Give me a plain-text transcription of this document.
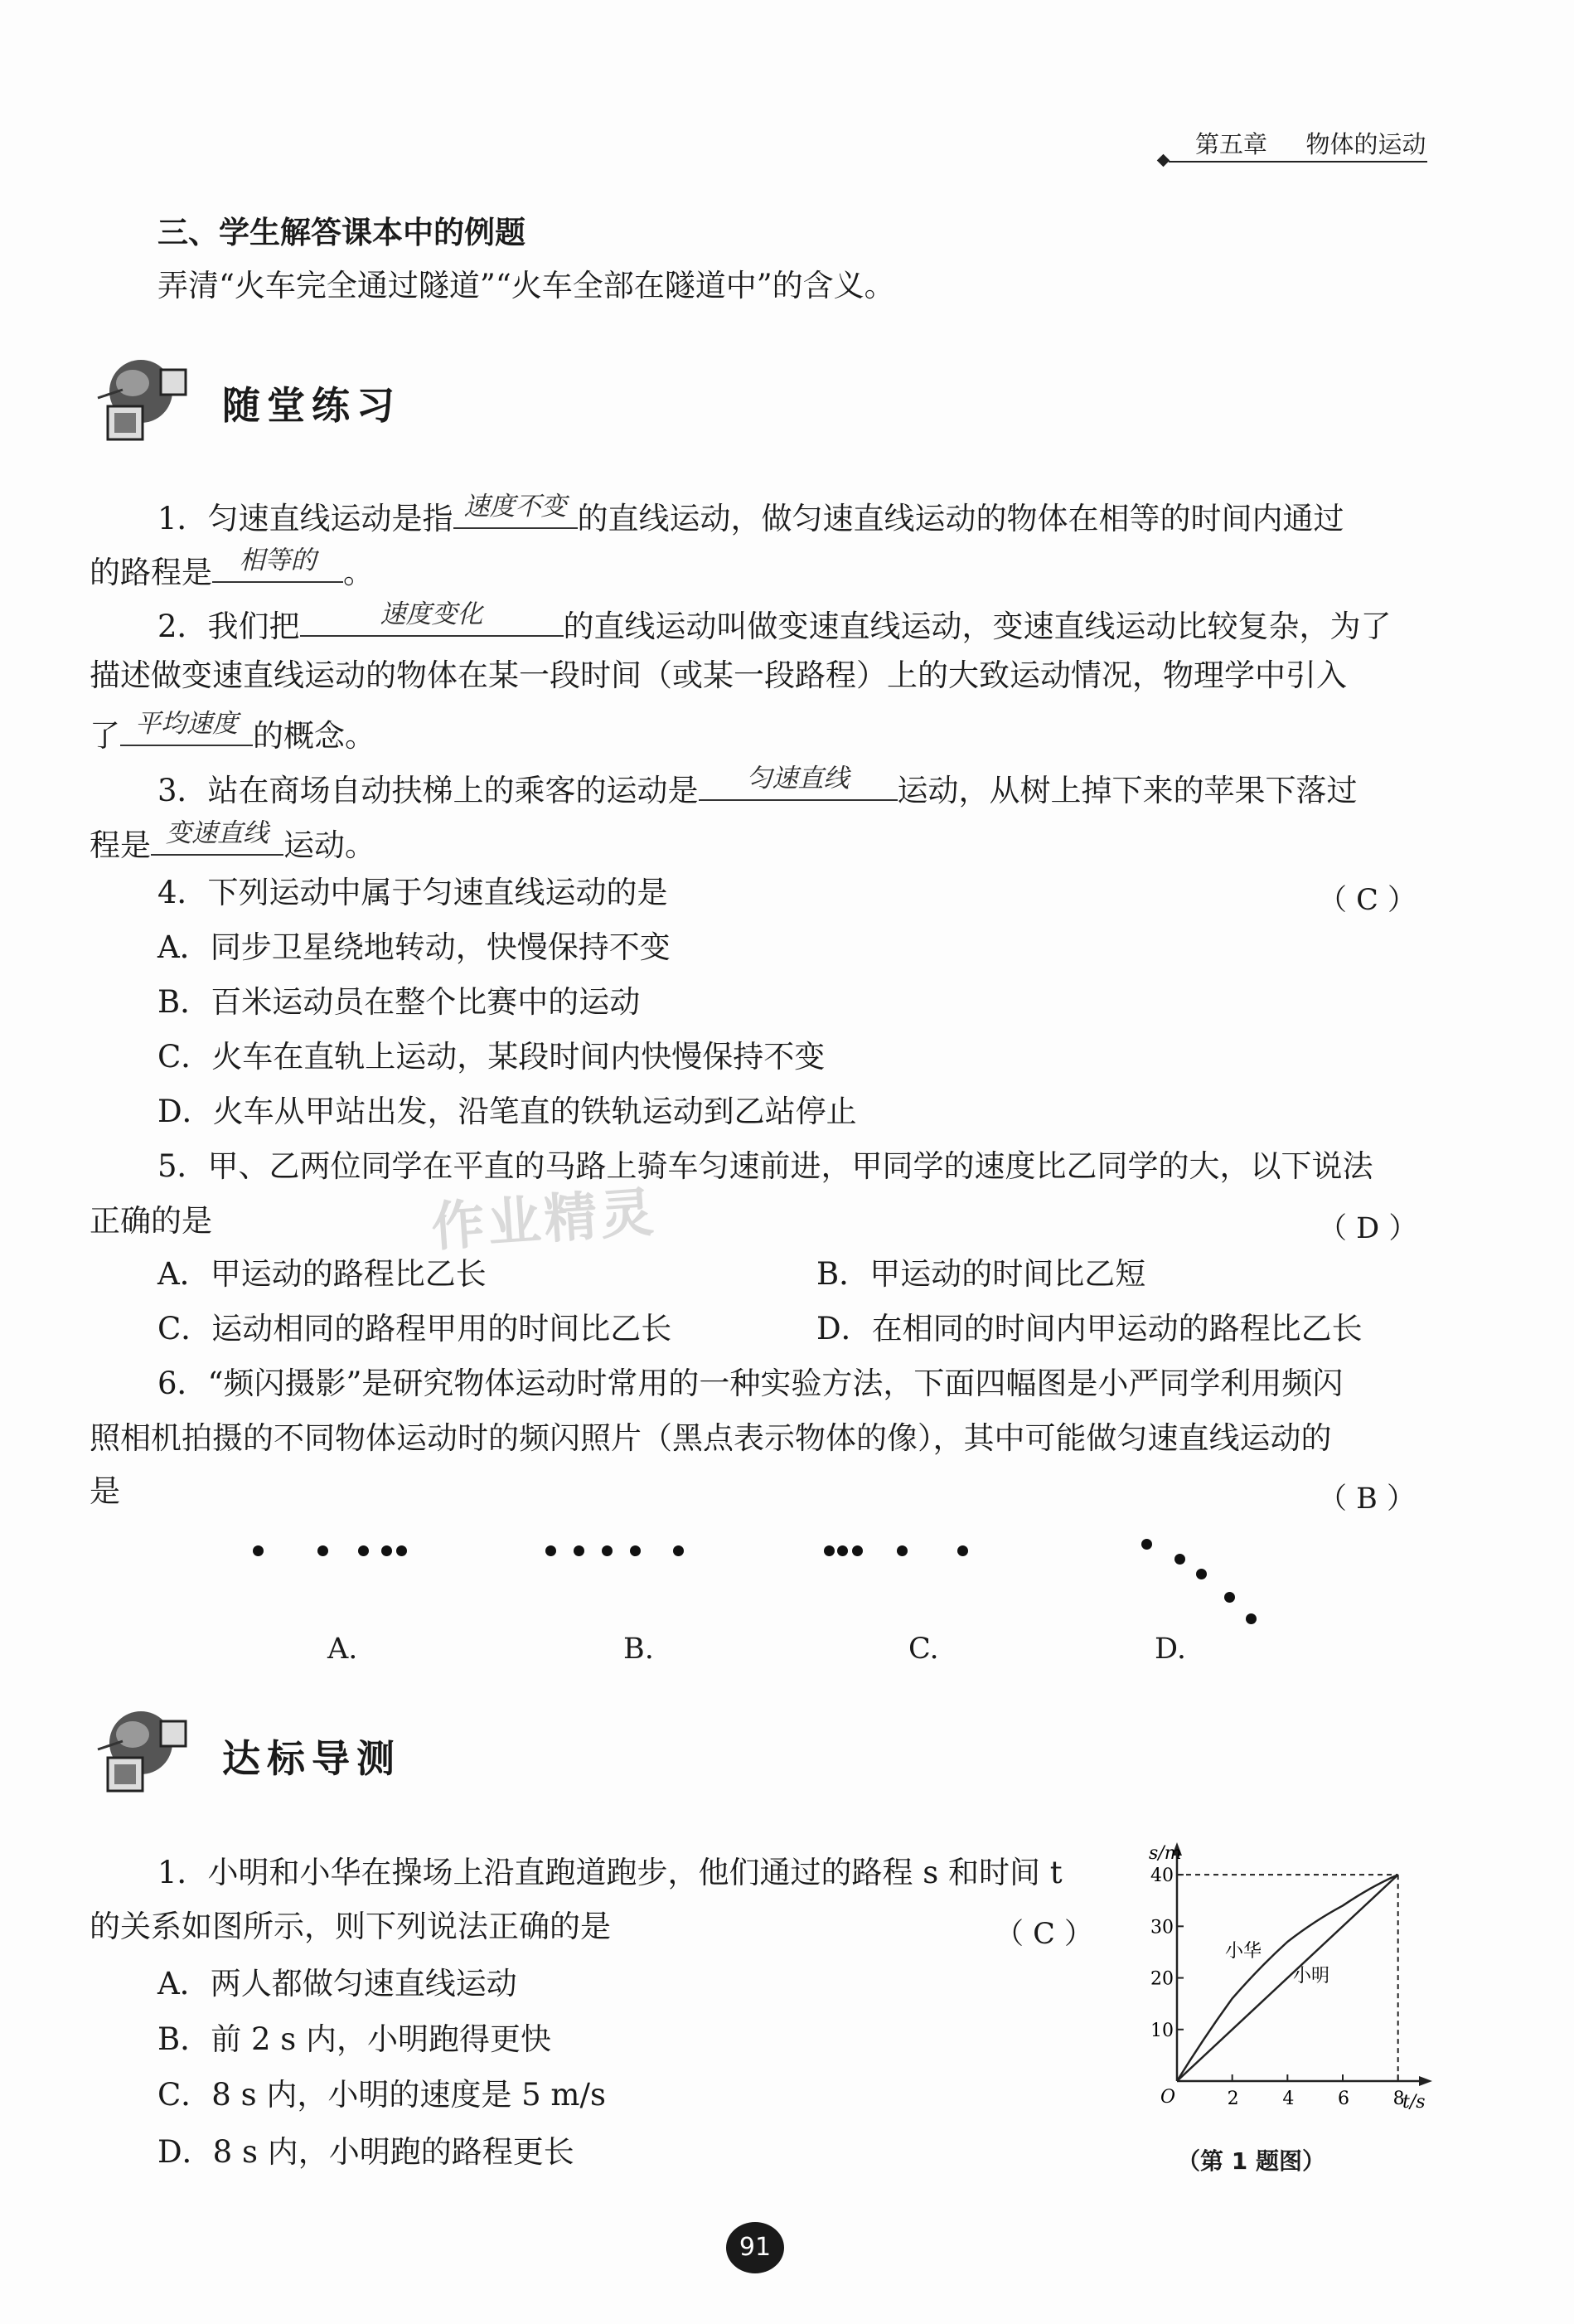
第五章 物体的运动
三、学生解答课本中的例题
弄清“火车完全通过隧道”“火车全部在隧道中”的含义。
随堂练习
1．匀速直线运动是指 速度不变 的直线运动，做匀速直线运动的物体在相等的时间内通过
的路程是	相等的 。
2．我们把	速度变化	的直线运动叫做变速直线运动，变速直线运动比较复杂，为了
描述做变速直线运动的物体在某一段时间（或某一段路程）上的大致运动情况，物理学中引入
了 平均速度 的概念。
3．站在商场自动扶梯上的乘客的运动是	匀速直线	运动，从树上掉下来的苹果下落过
程是 变速直线 运动。
4．下列运动中属于匀速直线运动的是	（ C ）
A．同步卫星绕地转动，快慢保持不变
B．百米运动员在整个比赛中的运动
C．火车在直轨上运动，某段时间内快慢保持不变
D．火车从甲站出发，沿笔直的铁轨运动到乙站停止
5．甲、乙两位同学在平直的马路上骑车匀速前进，甲同学的速度比乙同学的大，以下说法
正确的是	（ D ）
作业精灵
A．甲运动的路程比乙长	B．甲运动的时间比乙短
C．运动相同的路程甲用的时间比乙长	D．在相同的时间内甲运动的路程比乙长
6．“频闪摄影”是研究物体运动时常用的一种实验方法，下面四幅图是小严同学利用频闪
照相机拍摄的不同物体运动时的频闪照片（黑点表示物体的像），其中可能做匀速直线运动的
是	（ B ）
A.	B.	C.	D.
达标导测
1．小明和小华在操场上沿直跑道跑步，他们通过的路程 s 和时间 t
的关系如图所示，则下列说法正确的是	（ C ）
A．两人都做匀速直线运动
B．前 2 s 内，小明跑得更快
C．8 s 内，小明的速度是 5 m/s
D．8 s 内，小明跑的路程更长
2 4 6 8
10
20
30
40
s/m
t/s
O
小华
小明
（第 1 题图）
91
